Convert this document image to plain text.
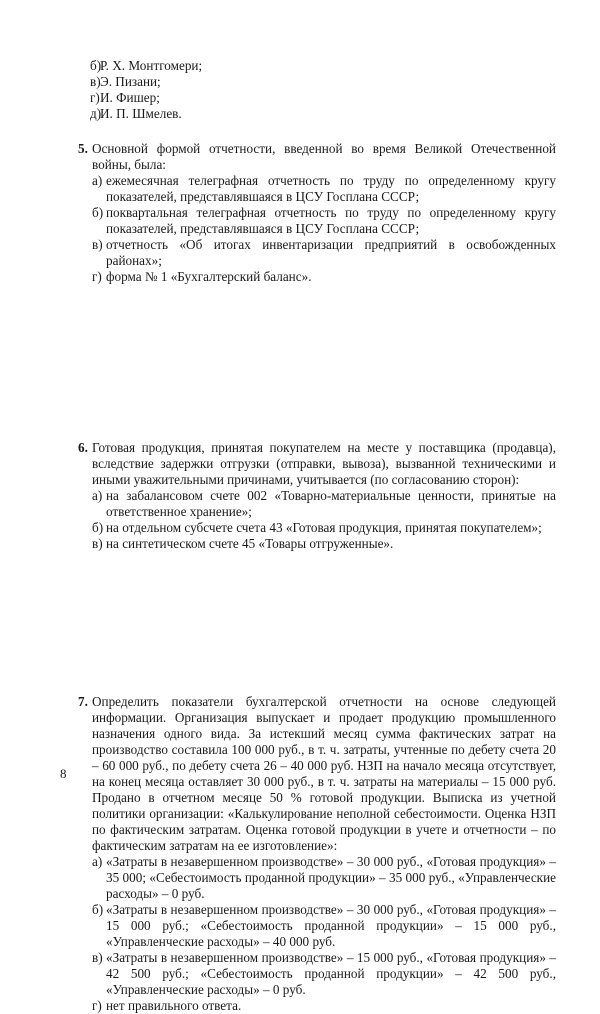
б)
Р. Х. Монтгомери;
в) Э. Пизани;
г) И. Фишер;
д)
И. П. Шмелев.
5. Основной формой отчетности, введенной во время Великой Отечественной войны, была:
а) ежемесячная телеграфная отчетность по труду по определенному кругу показателей, представлявшаяся в ЦСУ Госплана СССР;
б) поквартальная телеграфная отчетность по труду по определенному кругу показателей, представлявшаяся в ЦСУ Госплана СССР;
в) отчетность «Об итогах инвентаризации предприятий в освобожденных районах»;
г) форма № 1 «Бухгалтерский баланс».
6. Готовая продукция, принятая покупателем на месте у поставщика (продавца), вследствие задержки отгрузки (отправки, вывоза), вызванной техническими и иными уважительными причинами, учитывается (по согласованию сторон):
а) на забалансовом счете 002 «Товарно-материальные ценности, принятые на ответственное хранение»;
б) на отдельном субсчете счета 43 «Готовая продукция, принятая покупателем»;
в) на синтетическом счете 45 «Товары отгруженные».
7. Определить показатели бухгалтерской отчетности на основе следующей информации. Организация выпускает и продает продукцию промышленного назначения одного вида. За истекший месяц сумма фактических затрат на производство составила 100 000 руб., в т. ч. затраты, учтенные по дебету счета 20 – 60 000 руб., по дебету счета 26 – 40 000 руб. НЗП на начало месяца отсутствует, на конец месяца оставляет 30 000 руб., в т. ч. затраты на материалы – 15 000 руб. Продано в отчетном месяце 50 % готовой продукции. Выписка из учетной политики организации: «Калькулирование неполной себестоимости. Оценка НЗП по фактическим затратам. Оценка готовой продукции в учете и отчетности – по фактическим затратам на ее изготовление»:
а) «Затраты в незавершенном производстве» – 30 000 руб., «Готовая продукция» – 35 000; «Себестоимость проданной продукции» – 35 000 руб., «Управленческие расходы» – 0 руб.
б) «Затраты в незавершенном производстве» – 30 000 руб., «Готовая продукция» – 15 000 руб.; «Себестоимость проданной продукции» – 15 000 руб., «Управленческие расходы» – 40 000 руб.
в) «Затраты в незавершенном производстве» – 15 000 руб., «Готовая продукция» – 42 500 руб.; «Себестоимость проданной продукции» – 42 500 руб., «Управленческие расходы» – 0 руб.
г) нет правильного ответа.
8
